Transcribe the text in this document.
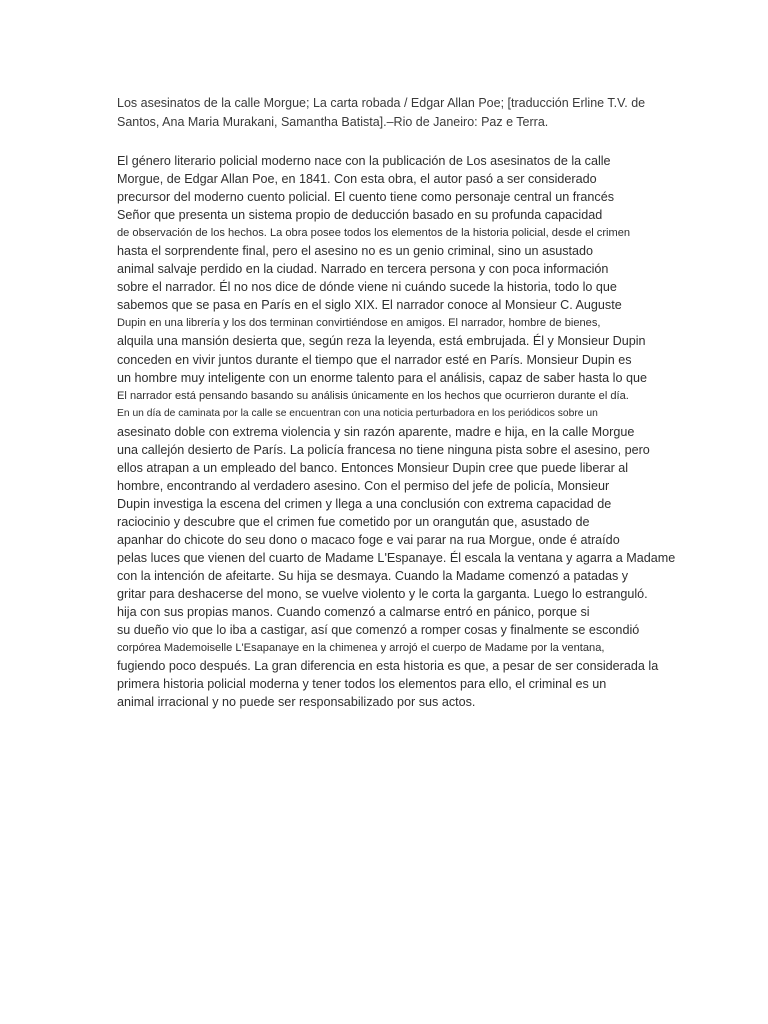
Los asesinatos de la calle Morgue; La carta robada / Edgar Allan Poe; [traducción Erline T.V. de
Santos, Ana Maria Murakani, Samantha Batista].–Rio de Janeiro: Paz e Terra.

El género literario policial moderno nace con la publicación de Los asesinatos de la calle
Morgue, de Edgar Allan Poe, en 1841. Con esta obra, el autor pasó a ser considerado
precursor del moderno cuento policial. El cuento tiene como personaje central un francés
Señor que presenta un sistema propio de deducción basado en su profunda capacidad
de observación de los hechos. La obra posee todos los elementos de la historia policial, desde el crimen
hasta el sorprendente final, pero el asesino no es un genio criminal, sino un asustado
animal salvaje perdido en la ciudad. Narrado en tercera persona y con poca información
sobre el narrador. Él no nos dice de dónde viene ni cuándo sucede la historia, todo lo que
sabemos que se pasa en París en el siglo XIX. El narrador conoce al Monsieur C. Auguste
Dupin en una librería y los dos terminan convirtiéndose en amigos. El narrador, hombre de bienes,
alquila una mansión desierta que, según reza la leyenda, está embrujada. Él y Monsieur Dupin
conceden en vivir juntos durante el tiempo que el narrador esté en París. Monsieur Dupin es
un hombre muy inteligente con un enorme talento para el análisis, capaz de saber hasta lo que
El narrador está pensando basando su análisis únicamente en los hechos que ocurrieron durante el día.
En un día de caminata por la calle se encuentran con una noticia perturbadora en los periódicos sobre un
asesinato doble con extrema violencia y sin razón aparente, madre e hija, en la calle Morgue
una callejón desierto de París. La policía francesa no tiene ninguna pista sobre el asesino, pero
ellos atrapan a un empleado del banco. Entonces Monsieur Dupin cree que puede liberar al
hombre, encontrando al verdadero asesino. Con el permiso del jefe de policía, Monsieur
Dupin investiga la escena del crimen y llega a una conclusión con extrema capacidad de
raciocinio y descubre que el crimen fue cometido por un orangután que, asustado de
apanhar do chicote do seu dono o macaco foge e vai parar na rua Morgue, onde é atraído
pelas luces que vienen del cuarto de Madame L'Espanaye. Él escala la ventana y agarra a Madame
con la intención de afeitarte. Su hija se desmaya. Cuando la Madame comenzó a patadas y
gritar para deshacerse del mono, se vuelve violento y le corta la garganta. Luego lo estranguló.
hija con sus propias manos. Cuando comenzó a calmarse entró en pánico, porque si
su dueño vio que lo iba a castigar, así que comenzó a romper cosas y finalmente se escondió
corpórea Mademoiselle L'Esapanaye en la chimenea y arrojó el cuerpo de Madame por la ventana,
fugiendo poco después. La gran diferencia en esta historia es que, a pesar de ser considerada la
primera historia policial moderna y tener todos los elementos para ello, el criminal es un
animal irracional y no puede ser responsabilizado por sus actos.
